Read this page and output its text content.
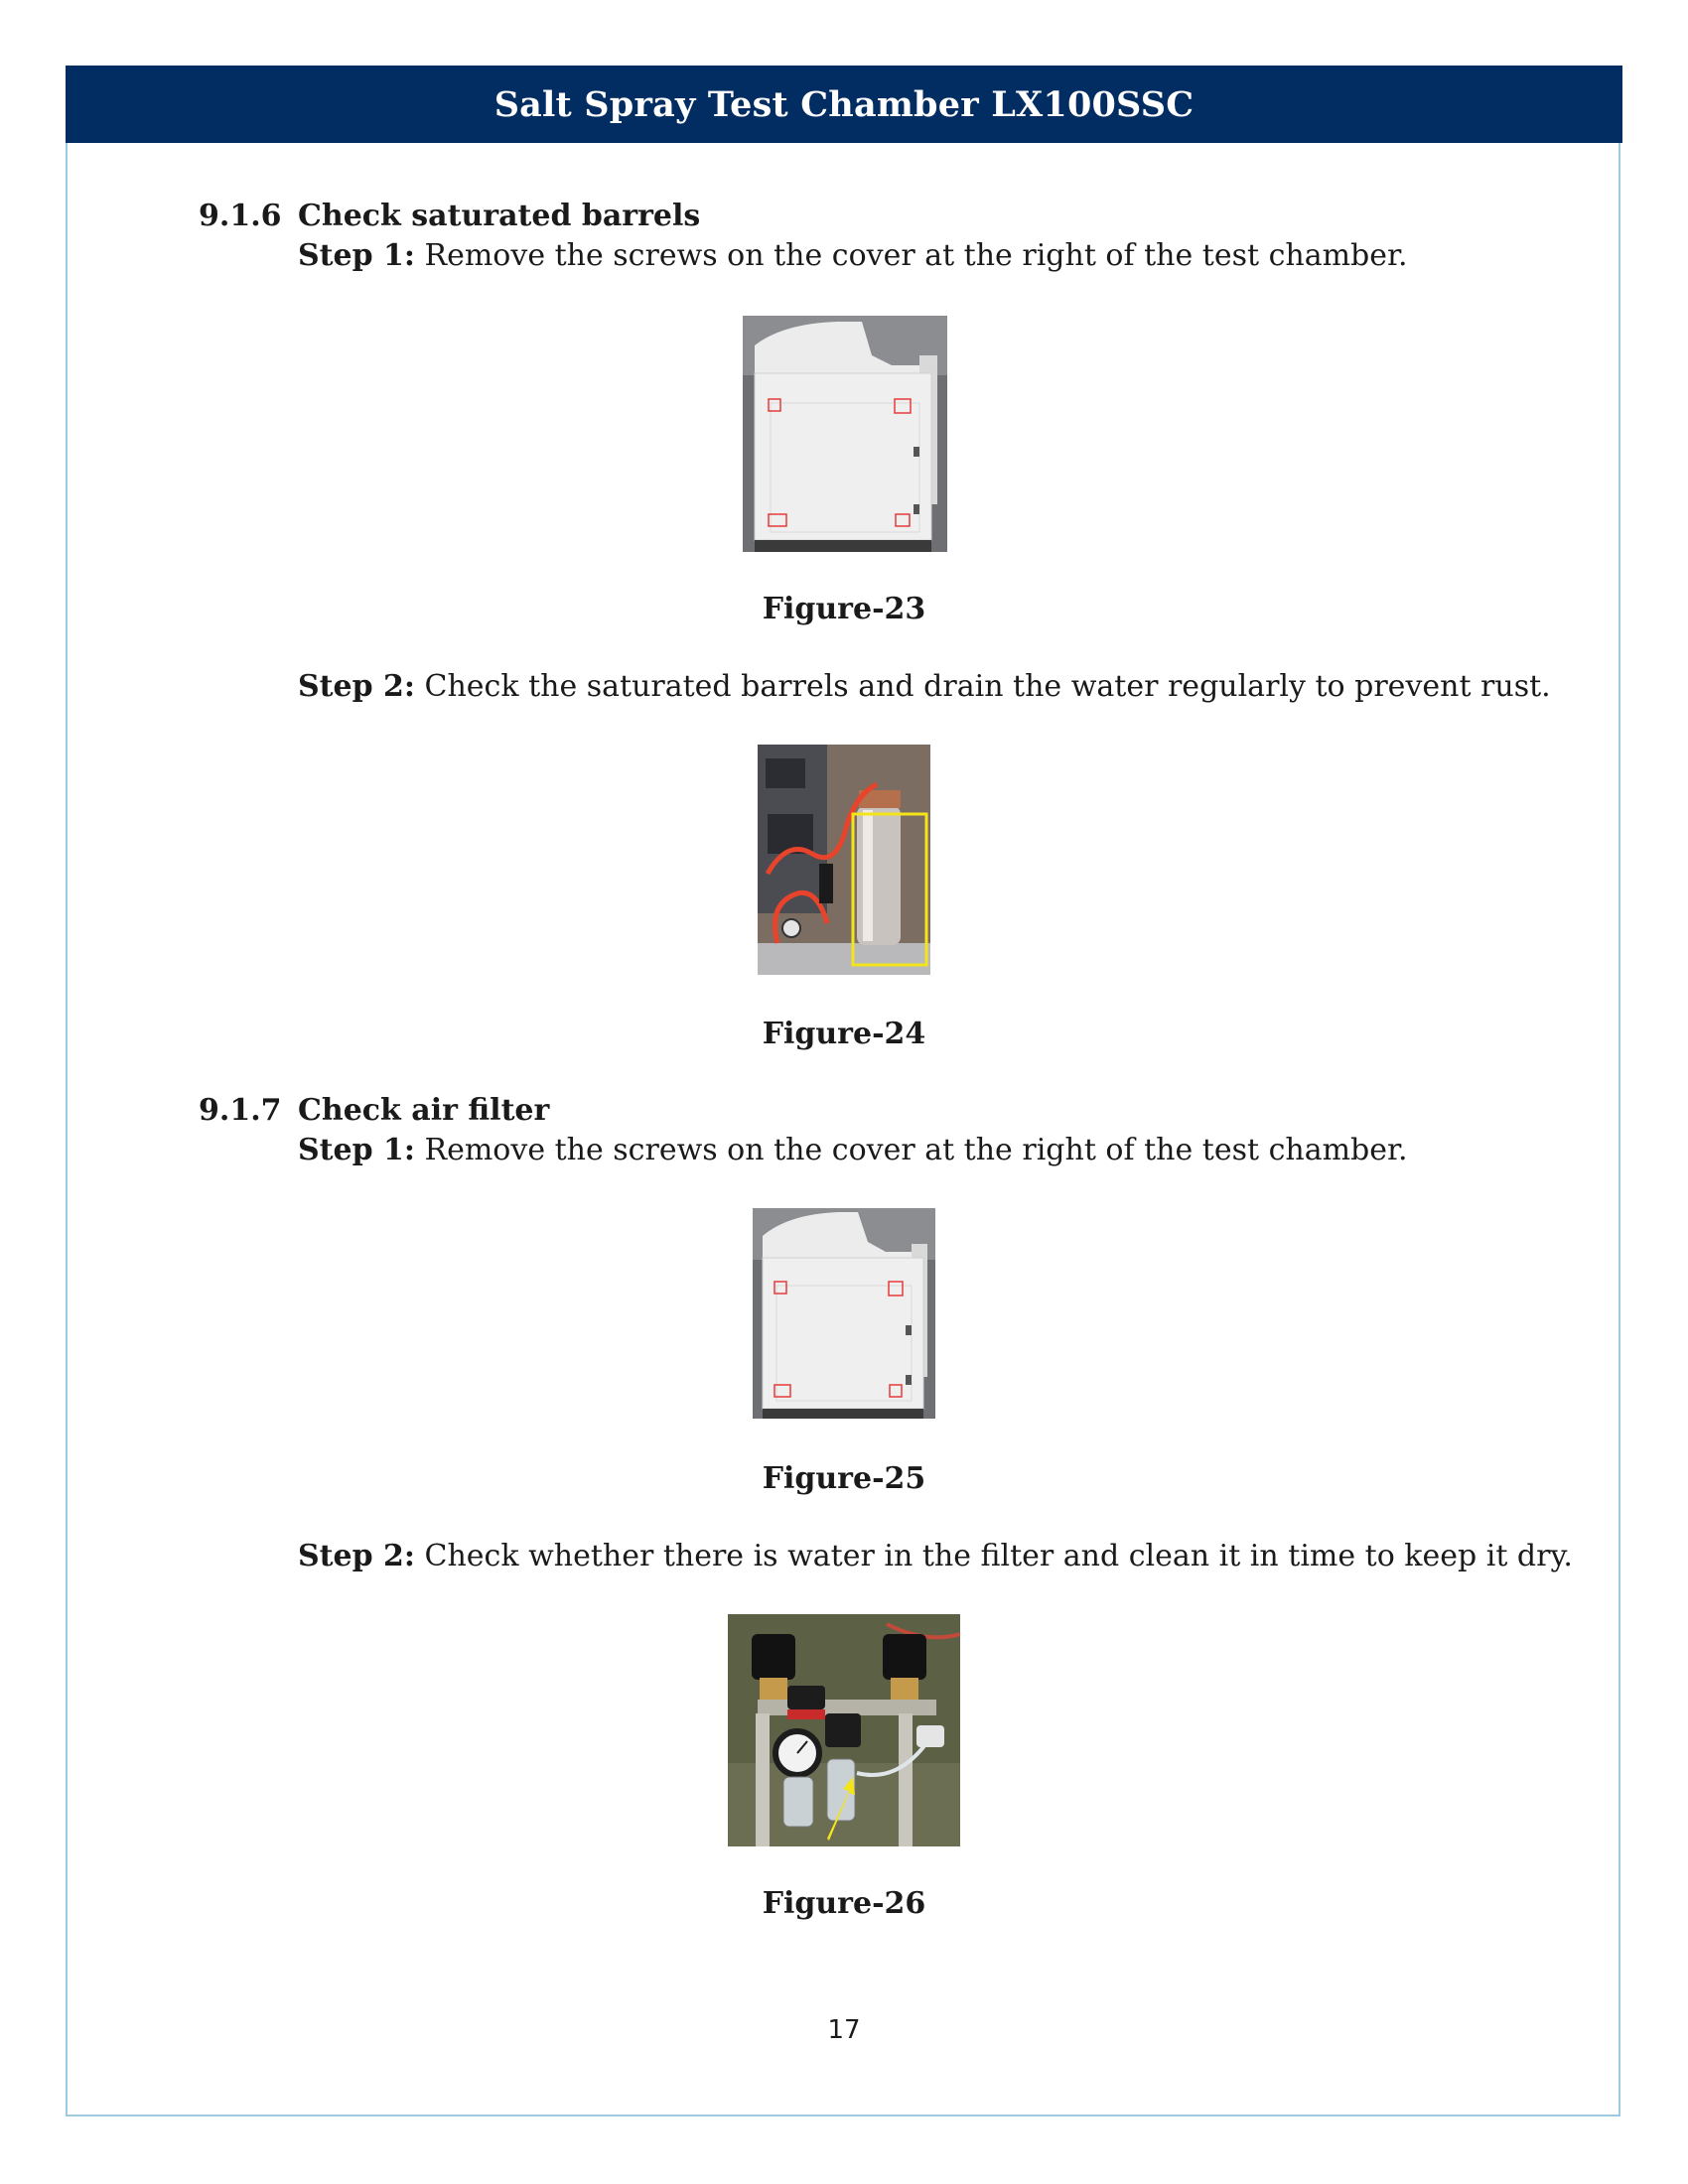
Salt Spray Test Chamber LX100SSC
9.1.6 Check saturated barrels
Step 1: Remove the screws on the cover at the right of the test chamber.
Figure-23
Step 2: Check the saturated barrels and drain the water regularly to prevent rust.
Figure-24
9.1.7 Check air filter
Step 1: Remove the screws on the cover at the right of the test chamber.
Figure-25
Step 2: Check whether there is water in the filter and clean it in time to keep it dry.
Figure-26
17
